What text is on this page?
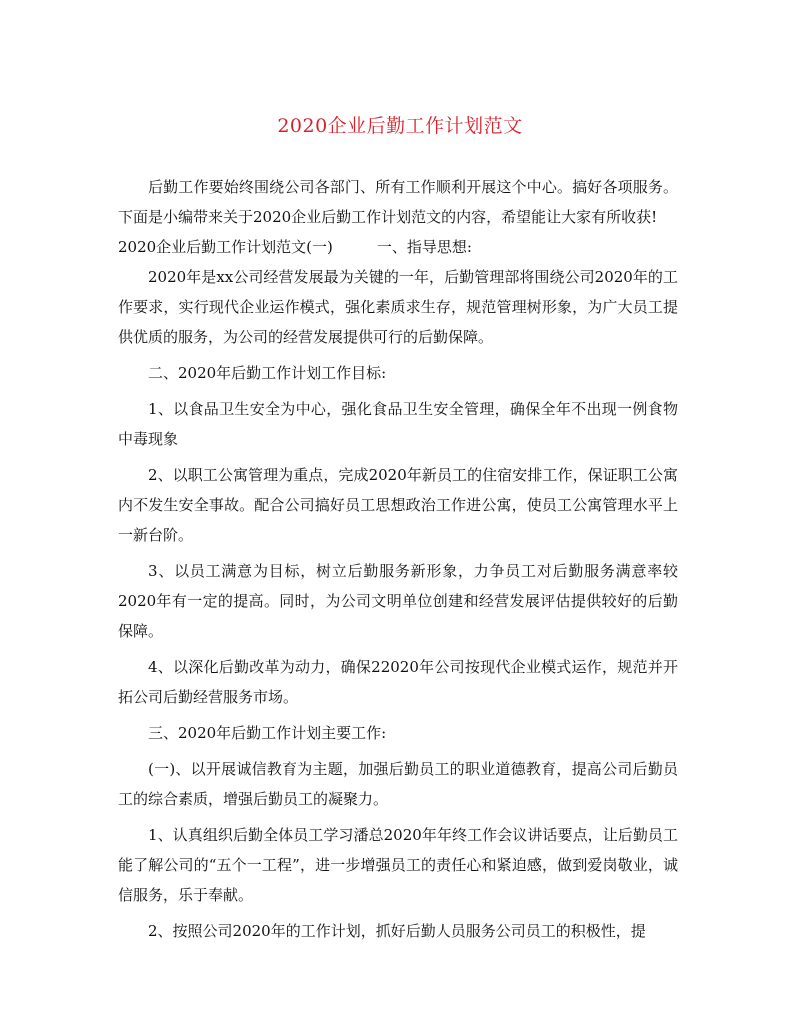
2020企业后勤工作计划范文

后勤工作要始终围绕公司各部门、所有工作顺利开展这个中心。搞好各项服务。下面是小编带来关于2020企业后勤工作计划范文的内容，希望能让大家有所收获!

2020企业后勤工作计划范文(一)	一、指导思想:

2020年是xx公司经营发展最为关键的一年，后勤管理部将围绕公司2020年的工作要求，实行现代企业运作模式，强化素质求生存，规范管理树形象，为广大员工提供优质的服务，为公司的经营发展提供可行的后勤保障。

二、2020年后勤工作计划工作目标:

1、以食品卫生安全为中心，强化食品卫生安全管理，确保全年不出现一例食物中毒现象

2、以职工公寓管理为重点，完成2020年新员工的住宿安排工作，保证职工公寓内不发生安全事故。配合公司搞好员工思想政治工作进公寓，使员工公寓管理水平上一新台阶。

3、以员工满意为目标，树立后勤服务新形象，力争员工对后勤服务满意率较2020年有一定的提高。同时，为公司文明单位创建和经营发展评估提供较好的后勤保障。

4、以深化后勤改革为动力，确保22020年公司按现代企业模式运作，规范并开拓公司后勤经营服务市场。

三、2020年后勤工作计划主要工作:

(一)、以开展诚信教育为主题，加强后勤员工的职业道德教育，提高公司后勤员工的综合素质，增强后勤员工的凝聚力。

1、认真组织后勤全体员工学习潘总2020年年终工作会议讲话要点，让后勤员工能了解公司的“五个一工程”，进一步增强员工的责任心和紧迫感，做到爱岗敬业，诚信服务，乐于奉献。

2、按照公司2020年的工作计划，抓好后勤人员服务公司员工的积极性，提
